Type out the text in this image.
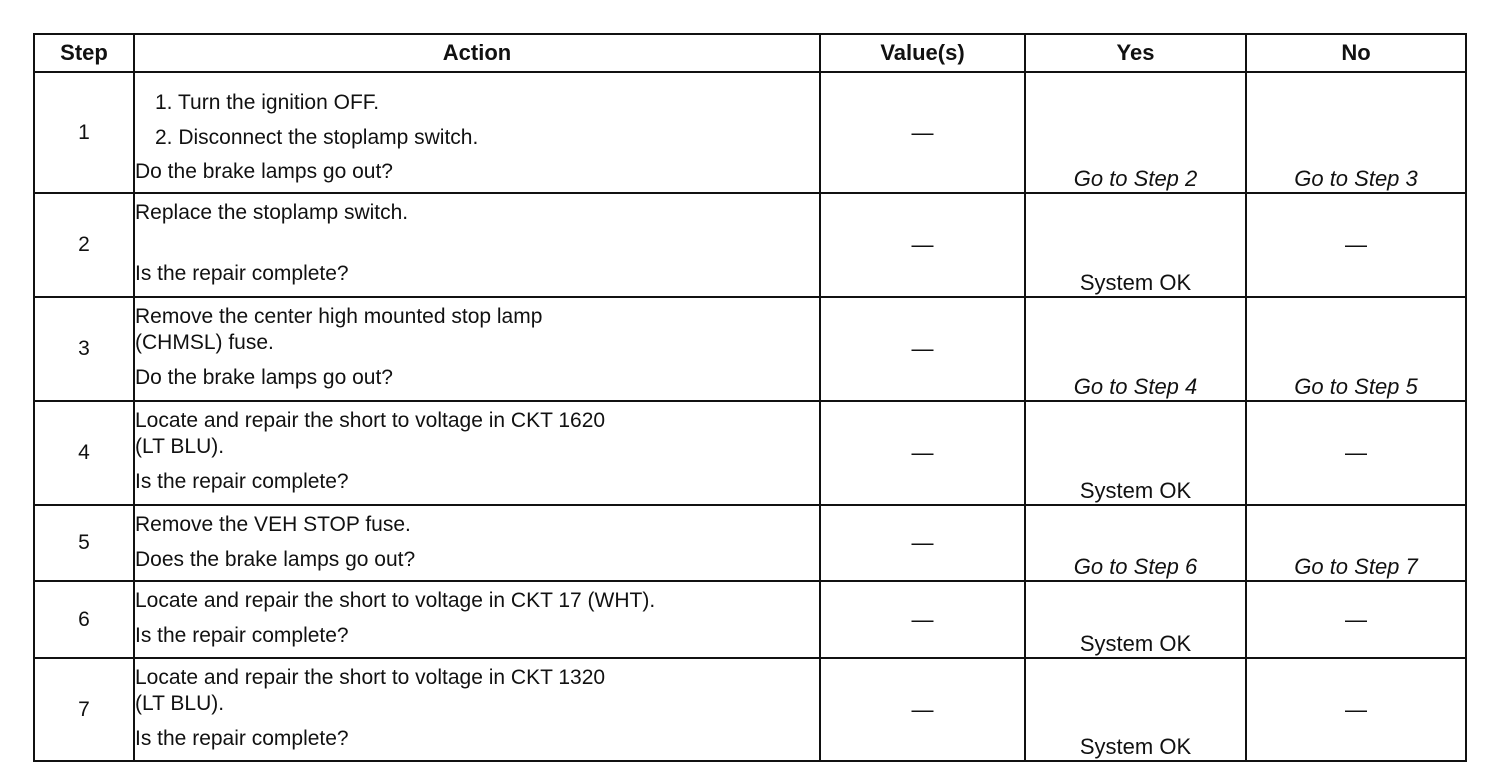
Step	Action	Value(s)	Yes	No
1	1. Turn the ignition OFF.
2. Disconnect the stoplamp switch.
Do the brake lamps go out?	—	Go to Step 2	Go to Step 3
2	Replace the stoplamp switch.
Is the repair complete?	—	System OK	—
3	Remove the center high mounted stop lamp
(CHMSL) fuse.
Do the brake lamps go out?	—	Go to Step 4	Go to Step 5
4	Locate and repair the short to voltage in CKT 1620
(LT BLU).
Is the repair complete?	—	System OK	—
5	Remove the VEH STOP fuse.
Does the brake lamps go out?	—	Go to Step 6	Go to Step 7
6	Locate and repair the short to voltage in CKT 17 (WHT).
Is the repair complete?	—	System OK	—
7	Locate and repair the short to voltage in CKT 1320
(LT BLU).
Is the repair complete?	—	System OK	—
